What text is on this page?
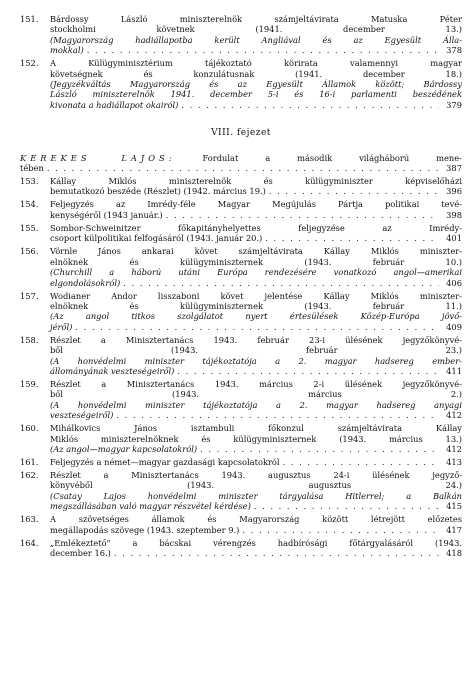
151.	Bárdossy László miniszterelnök számjeltávirata Matuska Péter
stockholmi követnek (1941. december 13.)
(Magyarország hadiállapotba került Angliával és az Egyesült Álla-
mokkal) . . .	378
152.	A Külügyminisztérium tájékoztató körirata valamennyi magyar
követségnek és konzulátusnak (1941. december 18.)
(Jegyzékváltás Magyarország és az Egyesült Államok között; Bárdossy
László miniszterelnök 1941. december 5-i és 16-i parlamenti beszédének
kivonata a hadiállapot okairól) . . .	379
VIII. fejezet
KEREKES LAJOS:	Fordulat a második világháború mene-
tében . . .	387
153.	Kállay Miklós miniszterelnök és külügyminiszter képviselőházi
bemutatkozó beszéde (Részlet) (1942. március 19.) . . .	396
154.	Feljegyzés az Imrédy-féle Magyar Megújulás Pártja politikai tevé-
kenységéről (1943 január.) . . .	398
155.	Sombor-Schweinitzer főkapitányhelyettes feljegyzése az Imrédy-
csoport külpolitikai felfogásáról (1943. január 20.) . . .	401
156.	Vörnle János ankarai követ számjeltávirata Kállay Miklós miniszter-
elnöknek és külügyminiszternek (1943. február 10.)
(Churchill a háború utáni Európa rendezésére vonatkozó angol—amerikai
elgondolásokról) . . .	406
157.	Wodianer Andor lisszaboni követ jelentése Kállay Miklós miniszter-
elnöknek és külügyminiszternek (1943. február 11.)
(Az angol titkos szolgálatot nyert értesülések Közép-Európa jövő-
jéről) . . .	409
158.	Részlet a Minisztertanács 1943. február 23-i ülésének jegyzőkönyvé-
ből (1943. február 23.)
(A honvédelmi miniszter tájékoztatója a 2. magyar hadsereg ember-
állományának veszteségeiről) . . .	411
159.	Részlet a Minisztertanács 1943. március 2-i ülésének jegyzőkönyvé-
ből (1943. március 2.)
(A honvédelmi miniszter tájékoztatója a 2. magyar hadsereg anyagi
veszteségeiről) . . .	412
160.	Mihálkovics János isztambuli főkonzul számjeltávirata Kállay
Miklós miniszterelnöknek és külügyminiszternek (1943. március 13.)
(Az angol—magyar kapcsolatokról) . . .	412
161.	Feljegyzés a német—magyar gazdasági kapcsolatokról . . .	413
162.	Részlet a Minisztertanács 1943. augusztus 24-i ülésének jegyző-
könyvéből (1943. augusztus 24.)
(Csatay Lajos honvédelmi miniszter tárgyalása Hitlerrel; a Balkán
megszállásában való magyar részvétel kérdése) . . .	415
163.	A szövetséges államok és Magyarország között létrejött előzetes
megállapodás szövege (1943. szeptember 9.) . . .	417
164.	„Emlékeztető" a bácskai vérengzés hadbírósági főtárgyalásáról (1943.
december 16.) . . .	418
